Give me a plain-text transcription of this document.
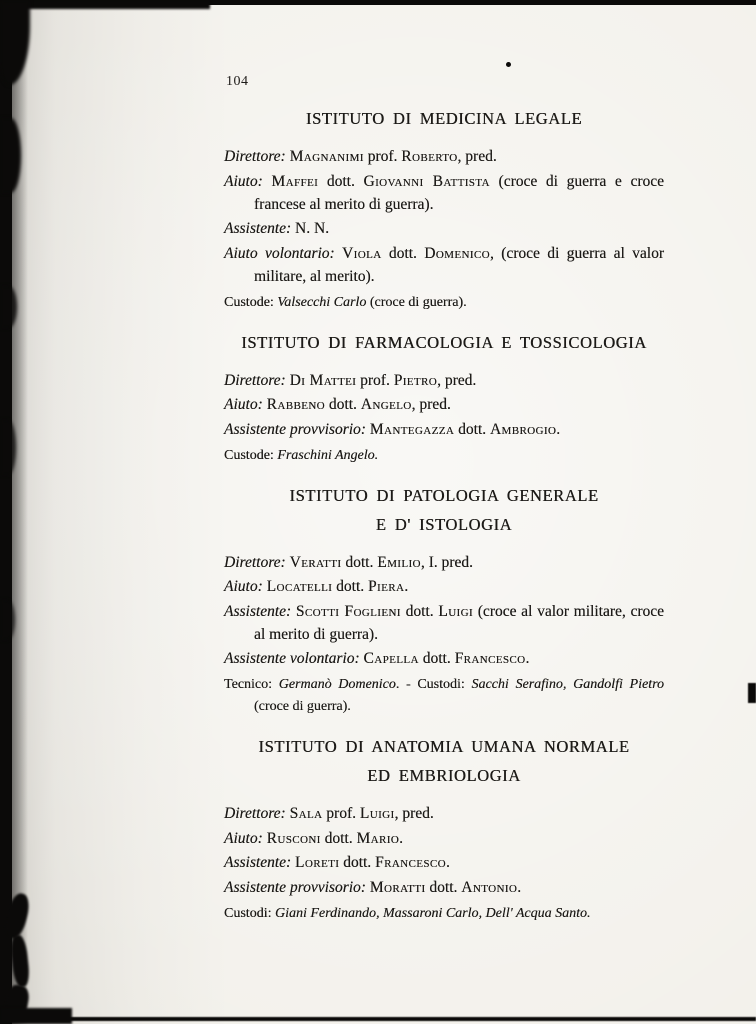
104
ISTITUTO DI MEDICINA LEGALE

Direttore: Magnanimi prof. Roberto, pred.

Aiuto: Maffei dott. Giovanni Battista (croce di guerra e croce francese al merito di guerra).

Assistente: N. N.

Aiuto volontario: Viola dott. Domenico, (croce di guerra al valor militare, al merito).

Custode: Valsecchi Carlo (croce di guerra).

ISTITUTO DI FARMACOLOGIA E TOSSICOLOGIA

Direttore: Di Mattei prof. Pietro, pred.

Aiuto: Rabbeno dott. Angelo, pred.

Assistente provvisorio: Mantegazza dott. Ambrogio.

Custode: Fraschini Angelo.

ISTITUTO DI PATOLOGIA GENERALE
E D' ISTOLOGIA

Direttore: Veratti dott. Emilio, I. pred.

Aiuto: Locatelli dott. Piera.

Assistente: Scotti Foglieni dott. Luigi (croce al valor militare, croce al merito di guerra).

Assistente volontario: Capella dott. Francesco.

Tecnico: Germanò Domenico. - Custodi: Sacchi Serafino, Gandolfi Pietro (croce di guerra).

ISTITUTO DI ANATOMIA UMANA NORMALE
ED EMBRIOLOGIA

Direttore: Sala prof. Luigi, pred.

Aiuto: Rusconi dott. Mario.

Assistente: Loreti dott. Francesco.

Assistente provvisorio: Moratti dott. Antonio.

Custodi: Giani Ferdinando, Massaroni Carlo, Dell' Acqua Santo.
